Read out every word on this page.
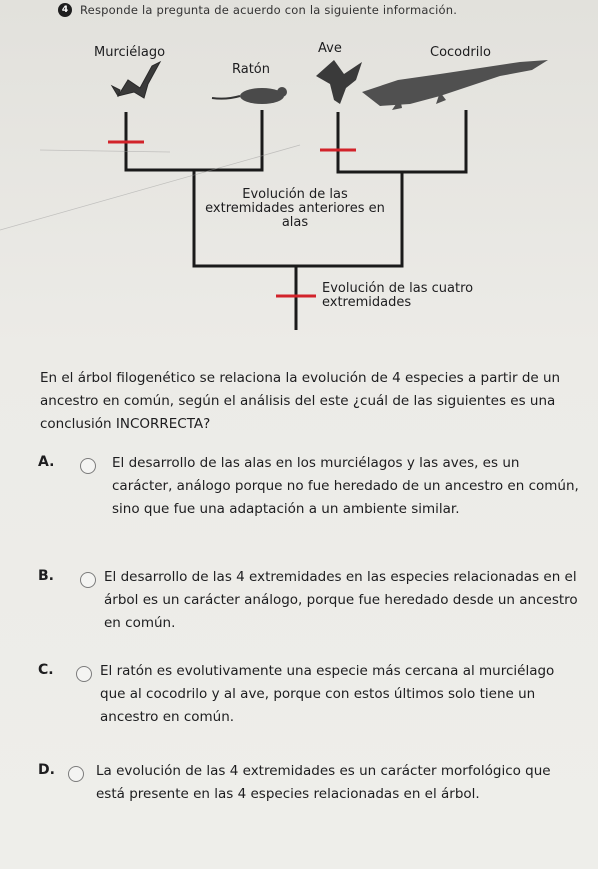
4	Responde la pregunta de acuerdo con la siguiente información.
Murciélago
Ratón
Ave	Cocodrilo
Evolución de las extremidades anteriores en alas
Evolución de las cuatro extremidades
En el árbol filogenético se relaciona la evolución de 4 especies a partir de un ancestro en común, según el análisis del este ¿cuál de las siguientes es una conclusión INCORRECTA?
A.	El desarrollo de las alas en los murciélagos y las aves, es un carácter, análogo porque no fue heredado de un ancestro en común, sino que fue una adaptación a un ambiente similar.
B.	El desarrollo de las 4 extremidades en las especies relacionadas en el árbol es un carácter análogo, porque fue heredado desde un ancestro en común.
C.	El ratón es evolutivamente una especie más cercana al murciélago que al cocodrilo y al ave, porque con estos últimos solo tiene un ancestro en común.
D.	La evolución de las 4 extremidades es un carácter morfológico que está presente en las 4 especies relacionadas en el árbol.
